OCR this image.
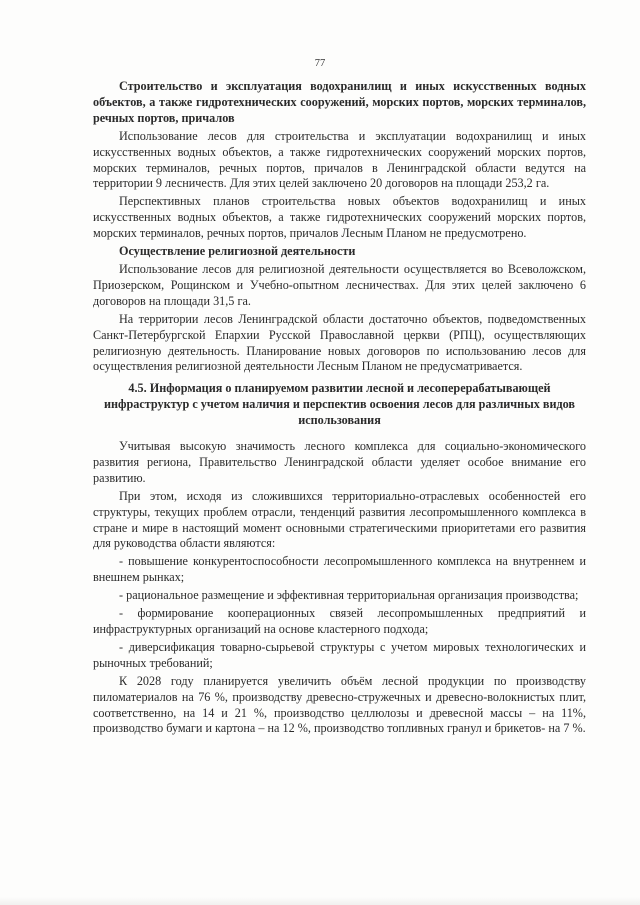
77

Строительство и эксплуатация водохранилищ и иных искусственных водных объектов, а также гидротехнических сооружений, морских портов, морских терминалов, речных портов, причалов

Использование лесов для строительства и эксплуатации водохранилищ и иных искусственных водных объектов, а также гидротехнических сооружений морских портов, морских терминалов, речных портов, причалов в Ленинградской области ведутся на территории 9 лесничеств. Для этих целей заключено 20 договоров на площади 253,2 га.

Перспективных планов строительства новых объектов водохранилищ и иных искусственных водных объектов, а также гидротехнических сооружений морских портов, морских терминалов, речных портов, причалов Лесным Планом не предусмотрено.

Осуществление религиозной деятельности

Использование лесов для религиозной деятельности осуществляется во Всеволожском, Приозерском, Рощинском и Учебно-опытном лесничествах. Для этих целей заключено 6 договоров на площади 31,5 га.

На территории лесов Ленинградской области достаточно объектов, подведомственных Санкт-Петербургской Епархии Русской Православной церкви (РПЦ), осуществляющих религиозную деятельность. Планирование новых договоров по использованию лесов для осуществления религиозной деятельности Лесным Планом не предусматривается.

4.5. Информация о планируемом развитии лесной и лесоперерабатывающей инфраструктур с учетом наличия и перспектив освоения лесов для различных видов использования

Учитывая высокую значимость лесного комплекса для социально-экономического развития региона, Правительство Ленинградской области уделяет особое внимание его развитию.

При этом, исходя из сложившихся территориально-отраслевых особенностей его структуры, текущих проблем отрасли, тенденций развития лесопромышленного комплекса в стране и мире в настоящий момент основными стратегическими приоритетами его развития для руководства области являются:

- повышение конкурентоспособности лесопромышленного комплекса на внутреннем и внешнем рынках;

- рациональное размещение и эффективная территориальная организация производства;

- формирование кооперационных связей лесопромышленных предприятий и инфраструктурных организаций на основе кластерного подхода;

- диверсификация товарно-сырьевой структуры с учетом мировых технологических и рыночных требований;

К 2028 году планируется увеличить объём лесной продукции по производству пиломатериалов на 76 %, производству древесно-стружечных и древесно-волокнистых плит, соответственно, на 14 и 21 %, производство целлюлозы и древесной массы – на 11%, производство бумаги и картона – на 12 %, производство топливных гранул и брикетов- на 7 %.
